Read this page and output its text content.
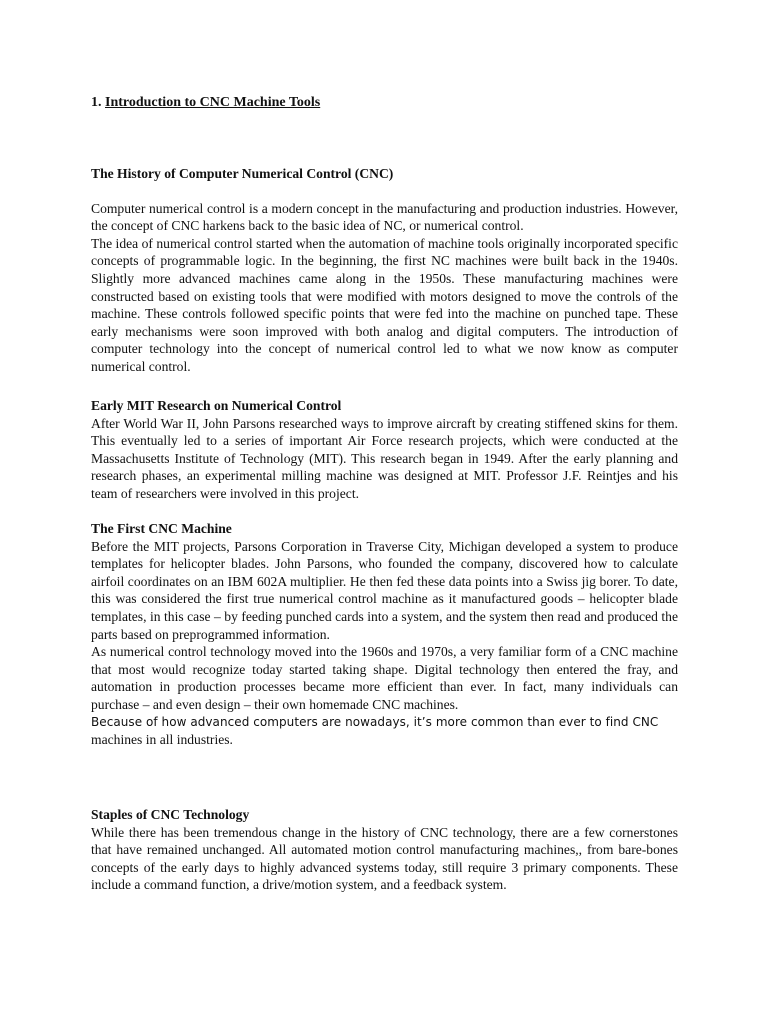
1. Introduction to CNC Machine Tools

The History of Computer Numerical Control (CNC)

Computer numerical control is a modern concept in the manufacturing and production industries. However, the concept of CNC harkens back to the basic idea of NC, or numerical control.

The idea of numerical control started when the automation of machine tools originally incorporated specific concepts of programmable logic. In the beginning, the first NC machines were built back in the 1940s. Slightly more advanced machines came along in the 1950s. These manufacturing machines were constructed based on existing tools that were modified with motors designed to move the controls of the machine. These controls followed specific points that were fed into the machine on punched tape. These early mechanisms were soon improved with both analog and digital computers. The introduction of computer technology into the concept of numerical control led to what we now know as computer numerical control.

Early MIT Research on Numerical Control

After World War II, John Parsons researched ways to improve aircraft by creating stiffened skins for them. This eventually led to a series of important Air Force research projects, which were conducted at the Massachusetts Institute of Technology (MIT). This research began in 1949. After the early planning and research phases, an experimental milling machine was designed at MIT. Professor J.F. Reintjes and his team of researchers were involved in this project.

The First CNC Machine

Before the MIT projects, Parsons Corporation in Traverse City, Michigan developed a system to produce templates for helicopter blades. John Parsons, who founded the company, discovered how to calculate airfoil coordinates on an IBM 602A multiplier. He then fed these data points into a Swiss jig borer. To date, this was considered the first true numerical control machine as it manufactured goods – helicopter blade templates, in this case – by feeding punched cards into a system, and the system then read and produced the parts based on preprogrammed information.

As numerical control technology moved into the 1960s and 1970s, a very familiar form of a CNC machine that most would recognize today started taking shape. Digital technology then entered the fray, and automation in production processes became more efficient than ever. In fact, many individuals can purchase – and even design – their own homemade CNC machines.

Because of how advanced computers are nowadays, it’s more common than ever to find CNC

machines in all industries.

Staples of CNC Technology

While there has been tremendous change in the history of CNC technology, there are a few cornerstones that have remained unchanged. All automated motion control manufacturing machines,, from bare-bones concepts of the early days to highly advanced systems today, still require 3 primary components. These include a command function, a drive/motion system, and a feedback system.
